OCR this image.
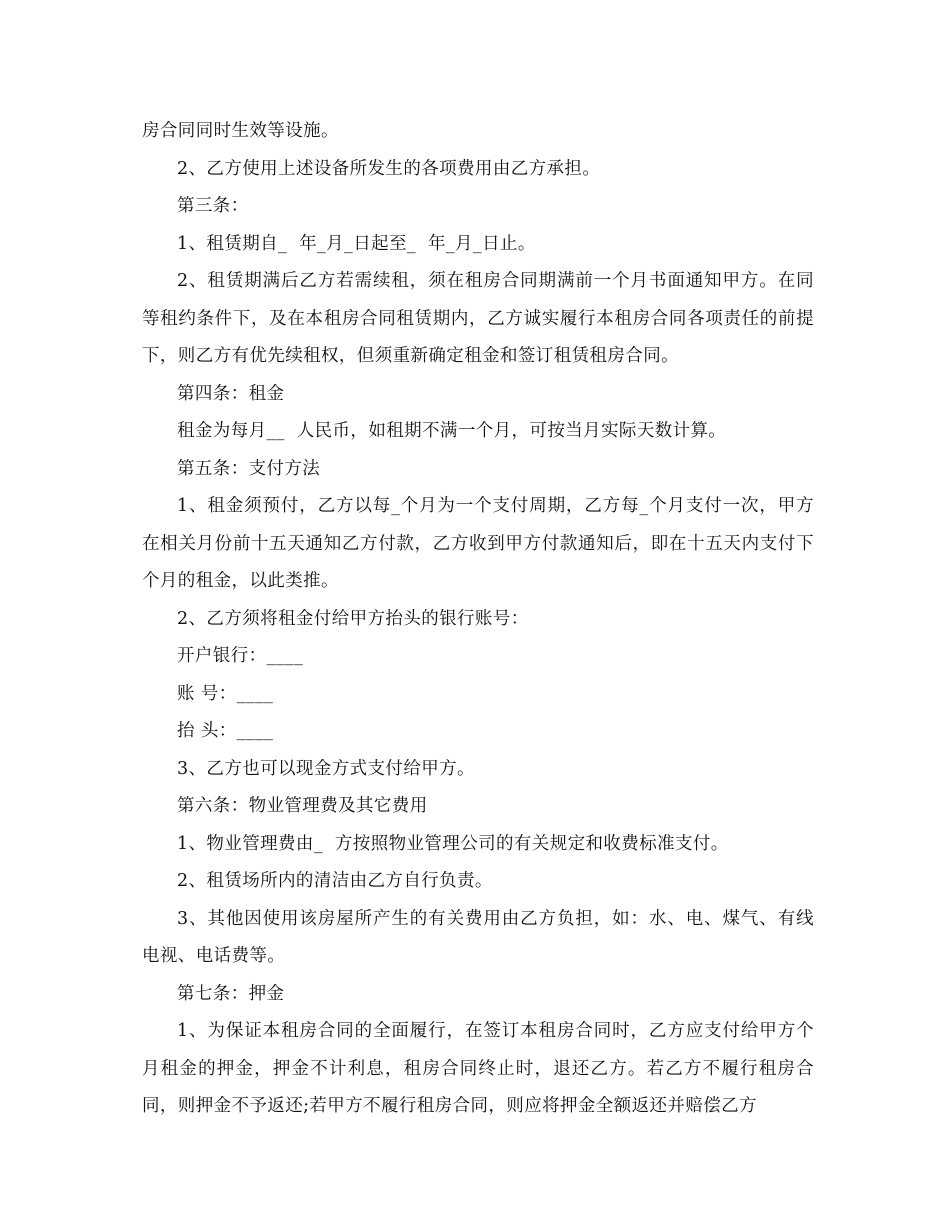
房合同同时生效等设施。

2、乙方使用上述设备所发生的各项费用由乙方承担。

第三条：

1、租赁期自_  年_月_日起至_  年_月_日止。

2、租赁期满后乙方若需续租，须在租房合同期满前一个月书面通知甲方。在同等租约条件下，及在本租房合同租赁期内，乙方诚实履行本租房合同各项责任的前提下，则乙方有优先续租权，但须重新确定租金和签订租赁租房合同。

第四条：租金

租金为每月__  人民币，如租期不满一个月，可按当月实际天数计算。

第五条：支付方法

1、租金须预付，乙方以每_个月为一个支付周期，乙方每_个月支付一次，甲方在相关月份前十五天通知乙方付款，乙方收到甲方付款通知后，即在十五天内支付下个月的租金，以此类推。

2、乙方须将租金付给甲方抬头的银行账号：

开户银行：____

账 号：____

抬 头：____

3、乙方也可以现金方式支付给甲方。

第六条：物业管理费及其它费用

1、物业管理费由_  方按照物业管理公司的有关规定和收费标准支付。

2、租赁场所内的清洁由乙方自行负责。

3、其他因使用该房屋所产生的有关费用由乙方负担，如：水、电、煤气、有线电视、电话费等。

第七条：押金

1、为保证本租房合同的全面履行，在签订本租房合同时，乙方应支付给甲方个月租金的押金，押金不计利息，租房合同终止时，退还乙方。若乙方不履行租房合同，则押金不予返还;若甲方不履行租房合同，则应将押金全额返还并赔偿乙方
